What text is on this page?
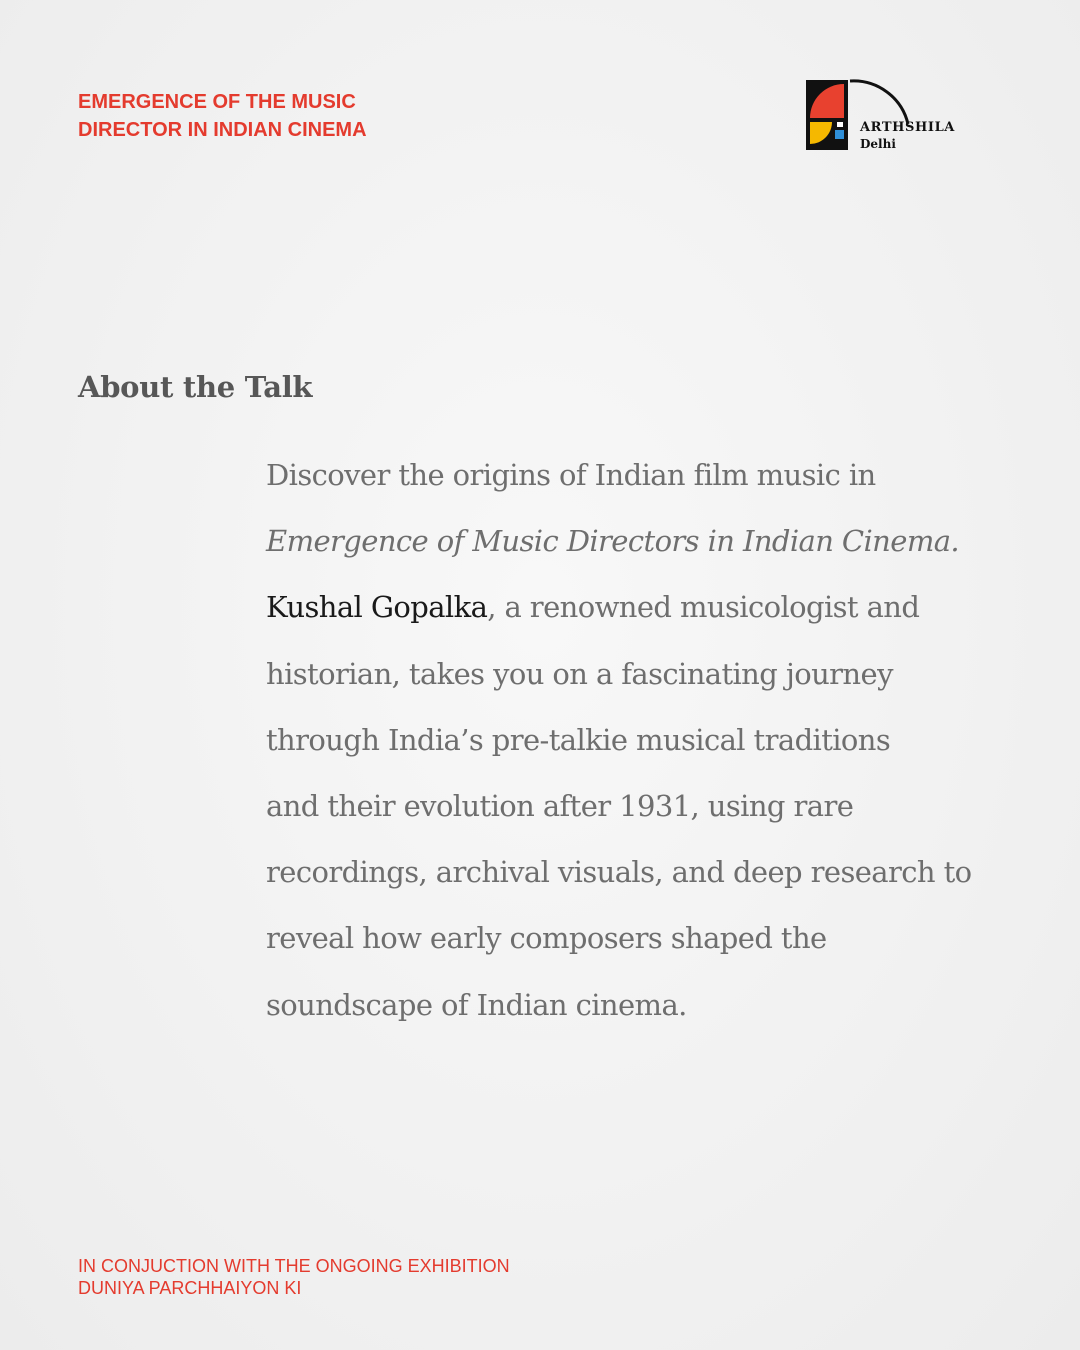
EMERGENCE OF THE MUSIC
DIRECTOR IN INDIAN CINEMA	ARTHSHILA
Delhi
About the Talk
Discover the origins of Indian film music in
Emergence of Music Directors in Indian Cinema.
Kushal Gopalka, a renowned musicologist and
historian, takes you on a fascinating journey
through India’s pre-talkie musical traditions
and their evolution after 1931, using rare
recordings, archival visuals, and deep research to
reveal how early composers shaped the
soundscape of Indian cinema.
IN CONJUCTION WITH THE ONGOING EXHIBITION
DUNIYA PARCHHAIYON KI
